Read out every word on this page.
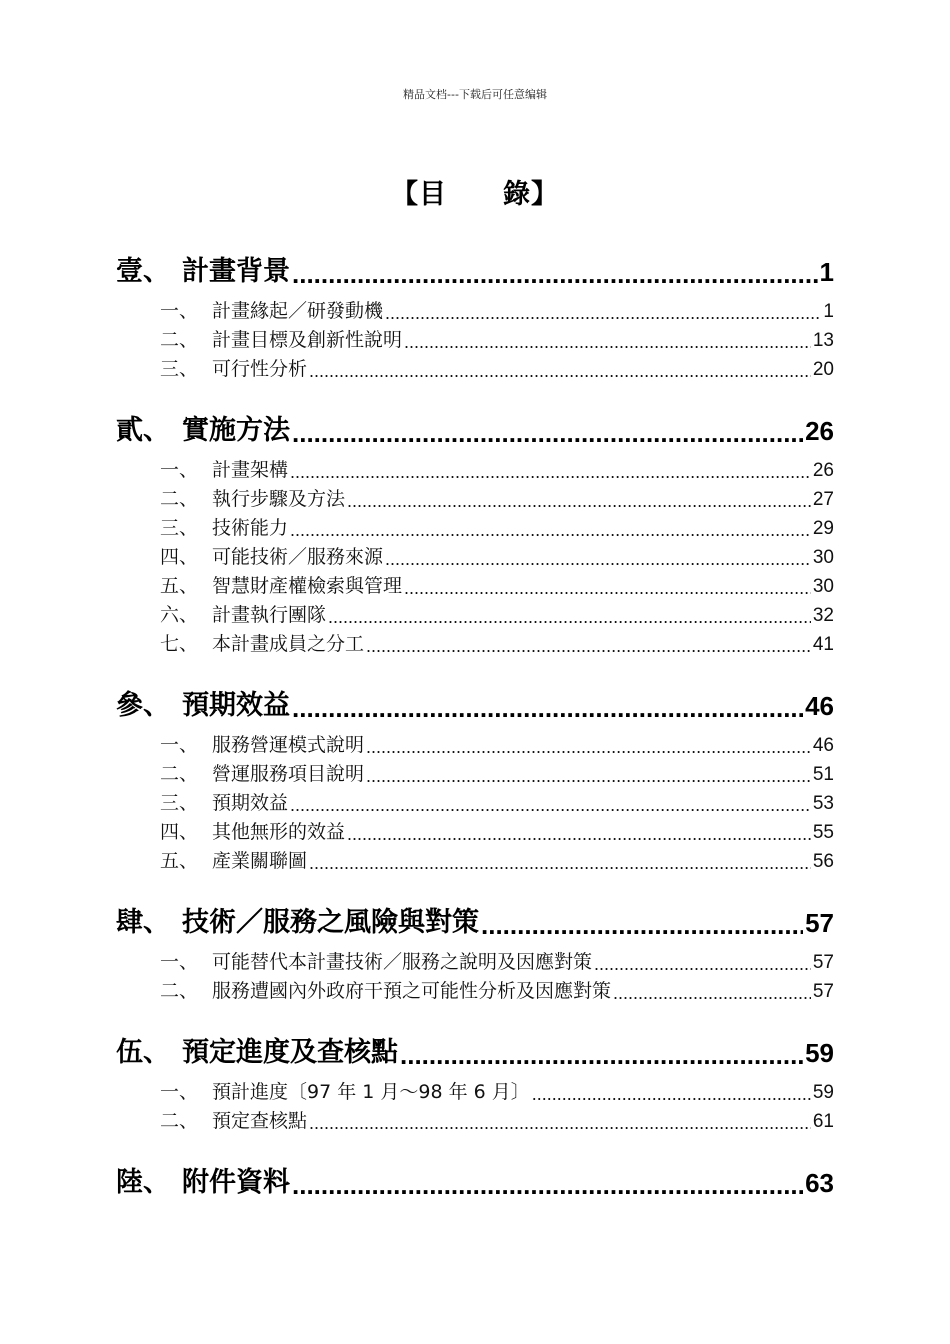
精品文档---下载后可任意编辑
【目　　錄】
壹、 計畫背景 .....	1
一、 計畫緣起／研發動機 .....	1
二、 計畫目標及創新性說明 .....	13
三、 可行性分析 .....	20
貳、 實施方法 .....	26
一、 計畫架構 .....	26
二、 執行步驟及方法 .....	27
三、 技術能力 .....	29
四、 可能技術／服務來源 .....	30
五、 智慧財產權檢索與管理 .....	30
六、 計畫執行團隊 .....	32
七、 本計畫成員之分工 .....	41
參、 預期效益 .....	46
一、 服務營運模式說明 .....	46
二、 營運服務項目說明 .....	51
三、 預期效益 .....	53
四、 其他無形的效益 .....	55
五、 產業關聯圖 .....	56
肆、 技術／服務之風險與對策 .....	57
一、 可能替代本計畫技術／服務之說明及因應對策 .....	57
二、 服務遭國內外政府干預之可能性分析及因應對策 .....	57
伍、 預定進度及查核點 .....	59
一、 預計進度〔97 年 1 月～98 年 6 月〕 .....	59
二、 預定查核點 .....	61
陸、 附件資料 .....	63
